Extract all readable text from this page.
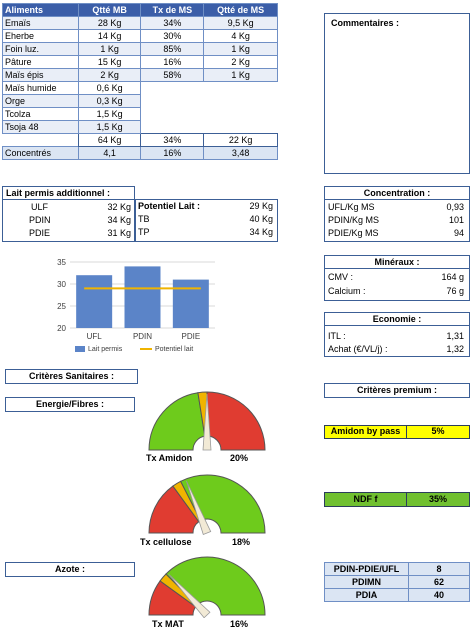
Aliments	Qtté MB	Tx de MS	Qtté de MS
Emaïs	28 Kg	34%	9,5 Kg
Eherbe	14 Kg	30%	4 Kg
Foin luz.	1 Kg	85%	1 Kg
Pâture	15 Kg	16%	2 Kg
Maïs épis	2 Kg	58%	1 Kg
Maïs humide	0,6 Kg		
Orge	0,3 Kg		
Tcolza	1,5 Kg		
Tsoja 48	1,5 Kg		
	64 Kg	34%	22 Kg
Concentrés	4,1	16%	3,48
Commentaires :
Lait permis additionnel :
ULF	32 Kg
PDIN	34 Kg
PDIE	31 Kg
Potentiel Lait :	29 Kg
TB	40 Kg
TP	34 Kg
Concentration :
UFL/Kg MS	0,93
PDIN/Kg MS	101
PDIE/Kg MS	94
20
25
30
35
UFL	PDIN	PDIE
Lait permis	Potentiel lait
Minéraux :
CMV :	164 g
Calcium :	76 g
Economie :
ITL :	1,31
Achat (€/VL/j) :	1,32
Critères Sanitaires :
Critères premium :
Energie/Fibres :
Azote :
Tx Amidon	20%
Tx cellulose	18%
Tx MAT	16%
Amidon by pass	5%
NDF f	35%
PDIN-PDIE/UFL	8
PDIMN	62
PDIA	40
